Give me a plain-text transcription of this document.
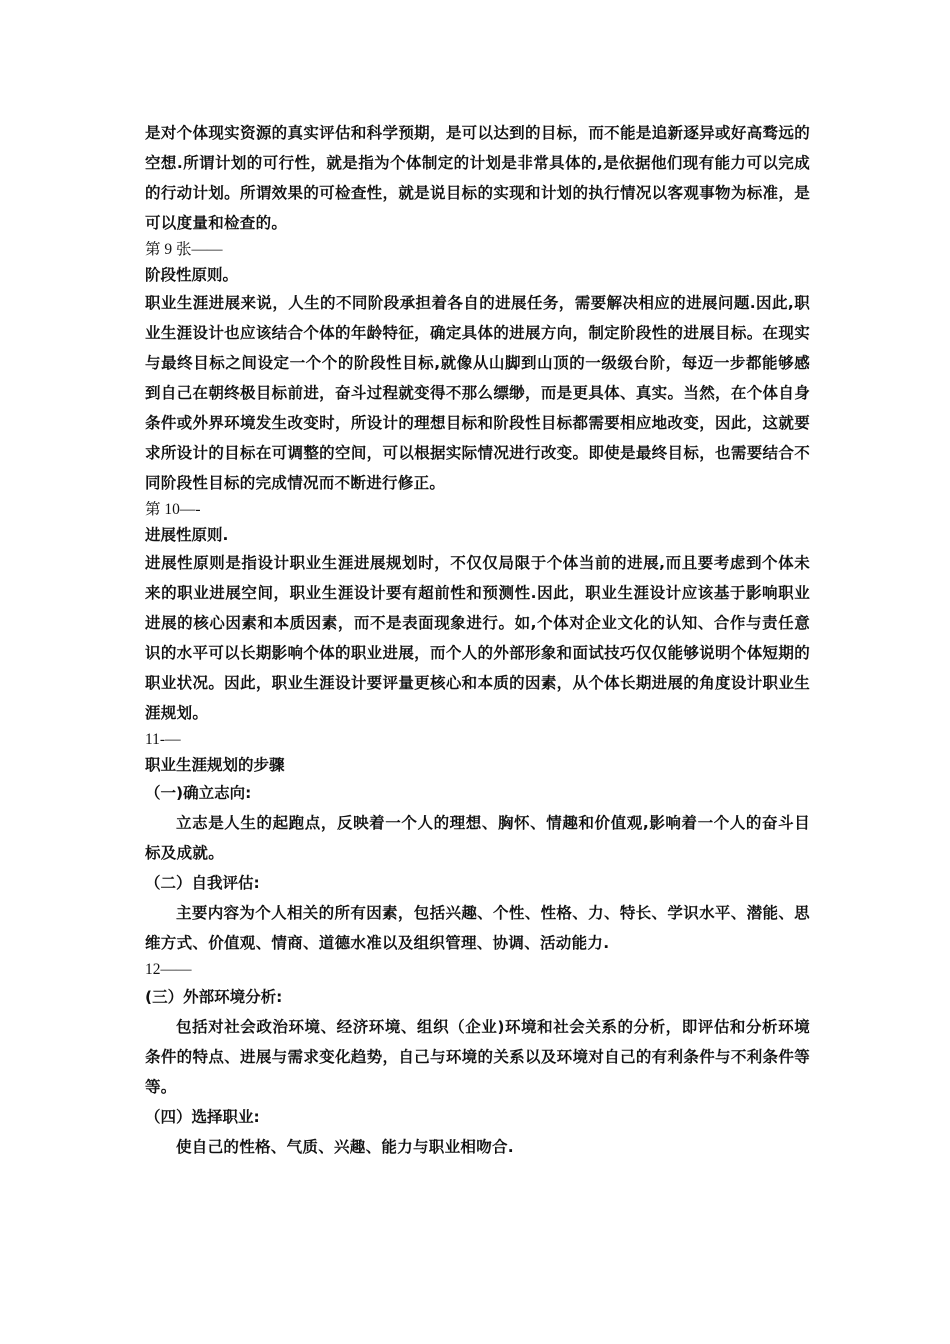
是对个体现实资源的真实评估和科学预期，是可以达到的目标，而不能是追新逐异或好高骛远的空想.所谓计划的可行性，就是指为个体制定的计划是非常具体的,是依据他们现有能力可以完成的行动计划。所谓效果的可检查性，就是说目标的实现和计划的执行情况以客观事物为标准，是可以度量和检查的。

第 9 张——

阶段性原则。

职业生涯进展来说，人生的不同阶段承担着各自的进展任务，需要解决相应的进展问题.因此,职业生涯设计也应该结合个体的年龄特征，确定具体的进展方向，制定阶段性的进展目标。在现实与最终目标之间设定一个个的阶段性目标,就像从山脚到山顶的一级级台阶，每迈一步都能够感到自己在朝终极目标前进，奋斗过程就变得不那么缥缈，而是更具体、真实。当然，在个体自身条件或外界环境发生改变时，所设计的理想目标和阶段性目标都需要相应地改变，因此，这就要求所设计的目标在可调整的空间，可以根据实际情况进行改变。即使是最终目标，也需要结合不同阶段性目标的完成情况而不断进行修正。

第 10—-

进展性原则.

进展性原则是指设计职业生涯进展规划时，不仅仅局限于个体当前的进展,而且要考虑到个体未来的职业进展空间，职业生涯设计要有超前性和预测性.因此，职业生涯设计应该基于影响职业进展的核心因素和本质因素，而不是表面现象进行。如,个体对企业文化的认知、合作与责任意识的水平可以长期影响个体的职业进展，而个人的外部形象和面试技巧仅仅能够说明个体短期的职业状况。因此，职业生涯设计要评量更核心和本质的因素，从个体长期进展的角度设计职业生涯规划。

11-—

职业生涯规划的步骤

（一)确立志向:

立志是人生的起跑点，反映着一个人的理想、胸怀、情趣和价值观,影响着一个人的奋斗目标及成就。

（二）自我评估:

主要内容为个人相关的所有因素，包括兴趣、个性、性格、力、特长、学识水平、潜能、思维方式、价值观、情商、道德水准以及组织管理、协调、活动能力.

12——

(三）外部环境分析:

包括对社会政治环境、经济环境、组织（企业)环境和社会关系的分析，即评估和分析环境条件的特点、进展与需求变化趋势，自己与环境的关系以及环境对自己的有利条件与不利条件等等。

（四）选择职业:

使自己的性格、气质、兴趣、能力与职业相吻合.
